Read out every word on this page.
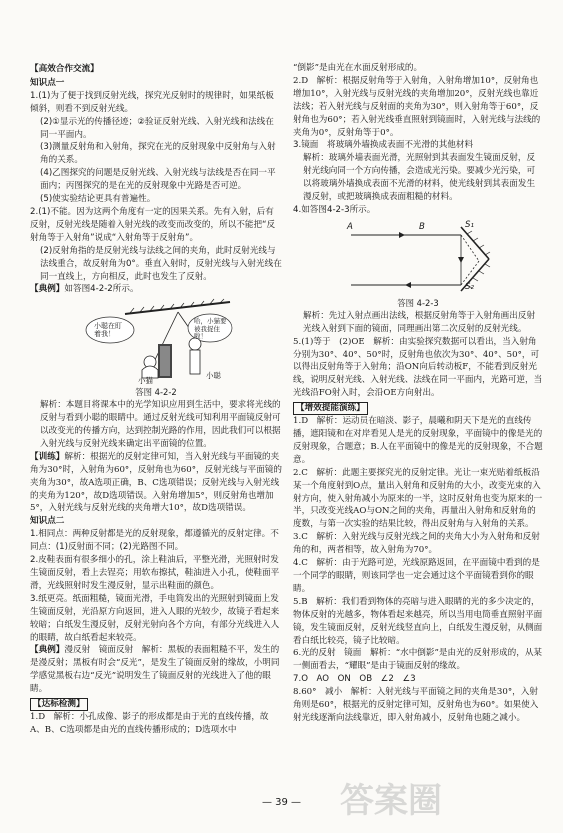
【高效合作交流】

知识点一

1.(1)为了便于找到反射光线，探究光反射时的规律时，如果纸板倾斜，则看不到反射光线。

(2)①显示光的传播径迹；②验证反射光线、入射光线和法线在同一平面内。

(3)测量反射角和入射角，探究在光的反射现象中反射角与入射角的关系。

(4)乙图探究的问题是反射光线、入射光线与法线是否在同一平面内；丙图探究的是在光的反射现象中光路是否可逆。

(5)使实验结论更具有普遍性。

2.(1)不能。因为这两个角度有一定的因果关系。先有入射，后有反射，反射光线是随着入射光线的改变而改变的，所以不能把“反射角等于入射角”说成“入射角等于反射角”。

(2)反射角指的是反射光线与法线之间的夹角，此时反射光线与法线重合，故反射角为0°。垂直入射时，反射光线与入射光线在同一直线上，方向相反，此时也发生了反射。

【典例】如答图4-2-2所示。

小聪在盯着我！
哈，小猫要被我捉住啦！
小猫
小聪

答图 4-2-2

解析：本题目将课本中的光学知识应用到生活中，要求将光线的反射与看到小聪的眼睛中。通过反射光线可知利用平面镜反射可以改变光的传播方向，达到控制光路的作用，因此我们可以根据入射光线与反射光线来确定出平面镜的位置。

【训练】解析：根据光的反射定律可知，当入射光线与平面镜的夹角为30°时，入射角为60°，反射角也为60°，反射光线与平面镜的夹角为30°，故A选项正确，B、C选项错误；反射光线与入射光线的夹角为120°，故D选项错误。入射角增加5°，则反射角也增加5°，入射光线与反射光线的夹角增大10°，故D选项错误。

知识点二

1.相同点：两种反射都是光的反射现象，都遵循光的反射定律。不同点：(1)反射面不同；(2)光路图不同。

2.皮鞋表面有很多细小的孔，涂上鞋油后，平整光滑，光照射时发生镜面反射，看上去锃亮；用软布擦拭，鞋油进入小孔，使鞋面平滑，光线照射时发生漫反射，显示出鞋面的颜色。

3.纸更亮。纸面粗糙，镜面光滑，手电筒发出的光照射到镜面上发生镜面反射，光沿原方向返回，进入人眼的光较少，故镜子看起来较暗；白纸发生漫反射，反射光射向各个方向，有部分光线进入人的眼睛，故白纸看起来较亮。

【典例】漫反射　镜面反射　解析：黑板的表面粗糙不平，发生的是漫反射；黑板有时会“反光”，是发生了镜面反射的缘故，小明同学感觉黑板右边“反光”说明发生了镜面反射的光线进入了他的眼睛。

【达标检测】

1.D　解析：小孔成像、影子的形成都是由于光的直线传播，故A、B、C选项都是由光的直线传播形成的；D选项水中

“倒影”是由光在水面反射形成的。

2.D　解析：根据反射角等于入射角，入射角增加10°，反射角也增加10°，入射光线与反射光线的夹角增加20°，反射光线也靠近法线；若入射光线与反射面的夹角为30°，则入射角等于60°，反射角也为60°；若入射光线垂直照射到镜面时，入射光线与法线的夹角为0°，反射角等于0°。

3.镜面　将玻璃外墙换成表面不光滑的其他材料

解析：玻璃外墙表面光滑，光照射到其表面发生镜面反射，反射光线向同一个方向传播，会造成光污染。要减少光污染，可以将玻璃外墙换成表面不光滑的材料，使光线射到其表面发生漫反射，或把玻璃换成表面粗糙的材料。

4.如答图4-2-3所示。

A	B	S₁
S₂

答图 4-2-3

解析：先过入射点画出法线，根据反射角等于入射角画出反射光线入射到下面的镜面，同理画出第二次反射的反射光线。

5.(1)等于　(2)OE　解析：由实验探究数据可以看出，当入射角分别为30°、40°、50°时，反射角也依次为30°、40°、50°，可以得出反射角等于入射角；沿ON向后转动板F，不能看到反射光线，说明反射光线、入射光线、法线在同一平面内，光路可逆，当光线沿FO射入时，会沿OE方向射出。

【增效提能演练】

1.D　解析：运动员在暗淡、影子，晨曦和阴天下是光的直线传播，遮阳镜和在对岸看见人是光的反射现象，平面镜中的像是光的反射现象，合题意；B.人在平面镜中的像是光的反射现象，不合题意。

2.C　解析：此题主要探究光的反射定律。光让一束光贴着纸板沿某一个角度射到O点，量出入射角和反射角的大小，改变光束的入射方向，使入射角减小为原来的一半，这时反射角也变为原来的一半，只改变光线AO与ON之间的夹角，再量出入射角和反射角的度数，与第一次实验的结果比较，得出反射角与入射角的关系。

3.C　解析：入射光线与反射光线之间的夹角大小为入射角和反射角的和，两者相等，故入射角为70°。

4.C　解析：由于光路可逆，光线原路返回，在平面镜中看到的是一个同学的眼睛，则该同学也一定会通过这个平面镜看到你的眼睛。

5.B　解析：我们看到物体的亮暗与进入眼睛的光的多少决定的，物体反射的光越多，物体看起来越亮，所以当用电筒垂直照射平面镜，发生镜面反射，反射光线竖直向上，白纸发生漫反射，从侧面看白纸比较亮，镜子比较暗。

6.光的反射　镜面　解析：“水中倒影”是由光的反射形成的，从某一侧面看去，“耀眼”是由于镜面反射的缘故。

7.O　AO　ON　OB　∠2　∠3

8.60°　减小　解析：入射光线与平面镜之间的夹角是30°，入射角则是60°，根据光的反射定律可知，反射角也为60°。如果使入射光线逐渐向法线靠近，即入射角减小，反射角也随之减小。

答案圈
— 39 —
